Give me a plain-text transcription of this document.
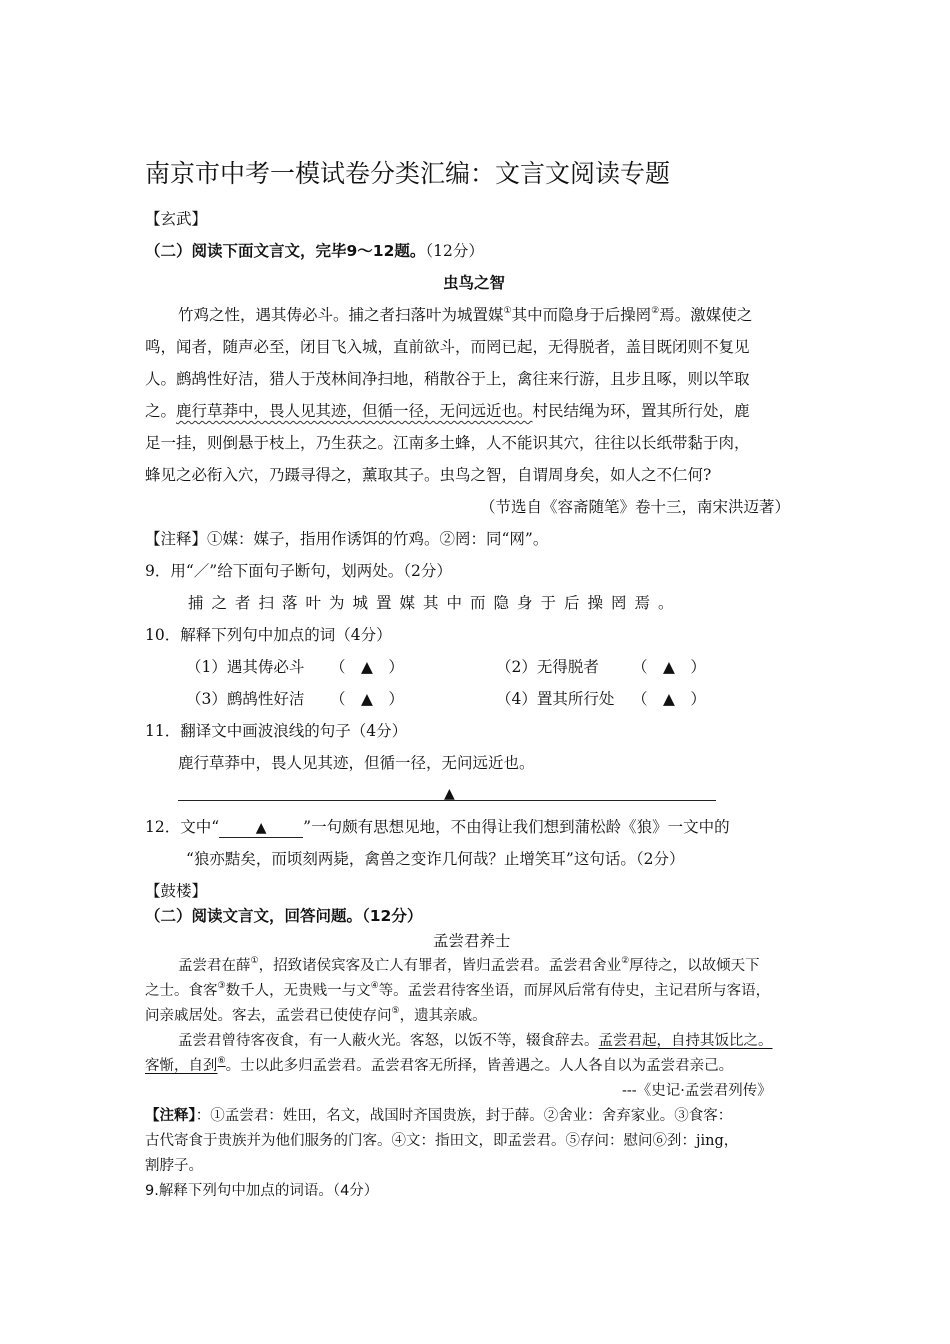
南京市中考一模试卷分类汇编：文言文阅读专题
【玄武】
（二）阅读下面文言文，完毕9～12题。（12分）
虫鸟之智
竹鸡之性，遇其俦必斗。捕之者扫落叶为城置媒①其中而隐身于后操罔②焉。激媒使之
鸣，闻者，随声必至，闭目飞入城，直前欲斗，而罔已起，无得脱者，盖目既闭则不复见
人。鹧鸪性好洁，猎人于茂林间净扫地，稍散谷于上，禽往来行游，且步且啄，则以竿取
之。鹿行草莽中，畏人见其迹，但循一径，无问远近也。村民结绳为环，置其所行处，鹿
足一挂，则倒悬于枝上，乃生获之。江南多土蜂，人不能识其穴，往往以长纸带黏于肉，
蜂见之必衔入穴，乃蹑寻得之，薰取其子。虫鸟之智，自谓周身矣，如人之不仁何?
（节选自《容斋随笔》卷十三，南宋洪迈著）
【注释】①媒：媒子，指用作诱饵的竹鸡。②罔：同“网”。
9．用“／”给下面句子断句，划两处。（2分）
捕之者扫落叶为城置媒其中而隐身于后操罔焉。
10．解释下列句中加点的词（4分）
（1）遇其俦必斗 （　▲　）	（2）无得脱者 （　▲　）
（3）鹧鸪性好洁 （　▲　）	（4）置其所行处 （　▲　）
11．翻译文中画波浪线的句子（4分）
鹿行草莽中，畏人见其迹，但循一径，无问远近也。
▲
12．文中“	▲ ”一句颇有思想见地，不由得让我们想到蒲松龄《狼》一文中的
“狼亦黠矣，而顷刻两毙，禽兽之变诈几何哉？止增笑耳”这句话。（2分）
【鼓楼】
（二）阅读文言文，回答问题。（12分）
孟尝君养士
孟尝君在薛①，招致诸侯宾客及亡人有罪者，皆归孟尝君。孟尝君舍业②厚待之，以故倾天下
之士。食客③数千人，无贵贱一与文④等。孟尝君待客坐语，而屏风后常有侍史，主记君所与客语，
问亲戚居处。客去，孟尝君已使使存问⑤，遗其亲戚。
孟尝君曾待客夜食，有一人蔽火光。客怒，以饭不等，辍食辞去。孟尝君起，自持其饭比之。
客惭，自刭⑥。士以此多归孟尝君。孟尝君客无所择，皆善遇之。人人各自以为孟尝君亲己。
---《史记·孟尝君列传》
【注释】：①孟尝君：姓田，名文，战国时齐国贵族，封于薛。②舍业：舍弃家业。③食客：
古代寄食于贵族并为他们服务的门客。④文：指田文，即孟尝君。⑤存问：慰问⑥刭：jing，
割脖子。
9.解释下列句中加点的词语。（4分）
